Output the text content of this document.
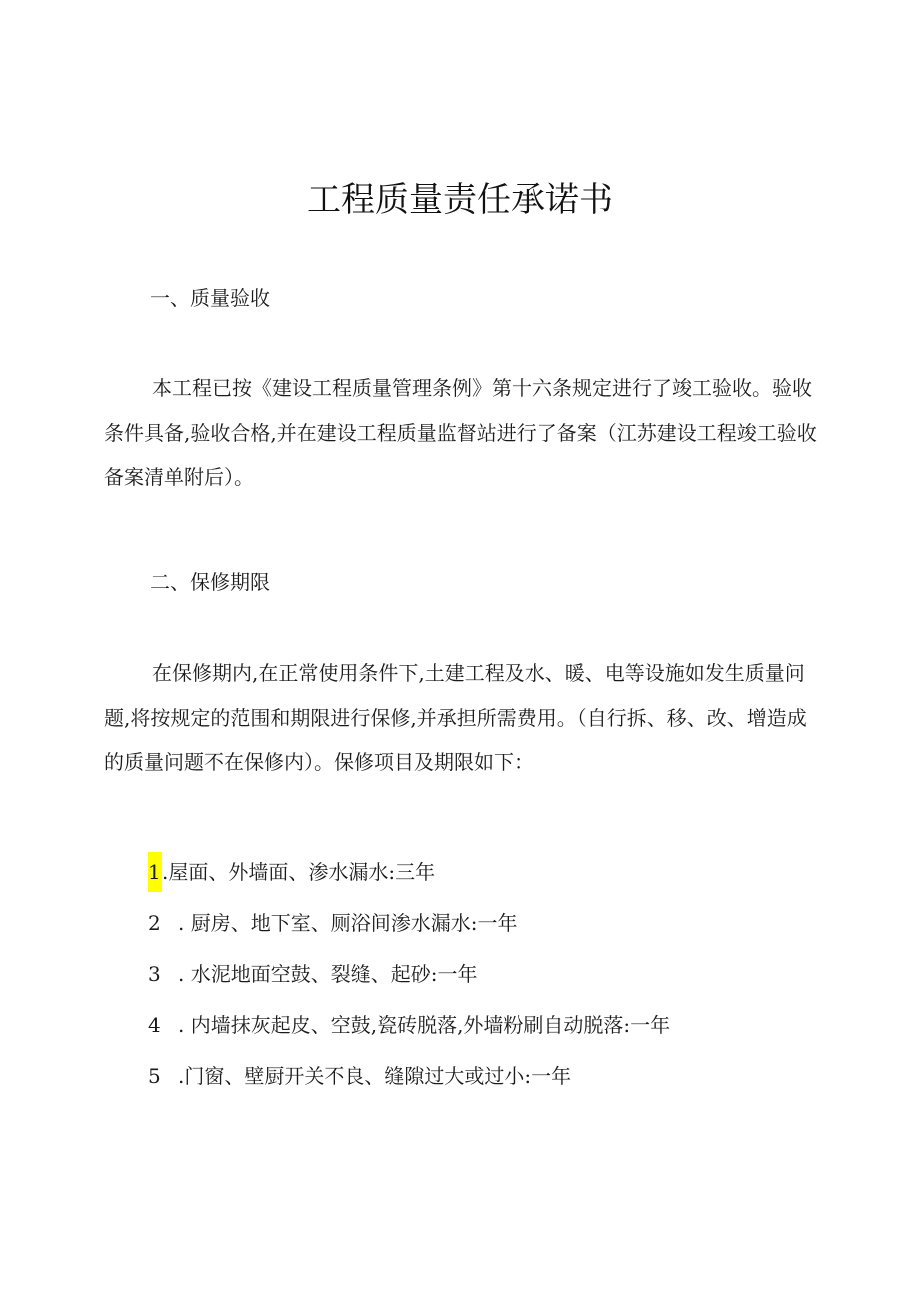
工程质量责任承诺书
一、质量验收
本工程已按《建设工程质量管理条例》第十六条规定进行了竣工验收。验收条件具备,验收合格,并在建设工程质量监督站进行了备案（江苏建设工程竣工验收备案清单附后）。
二、保修期限
在保修期内,在正常使用条件下,土建工程及水、暖、电等设施如发生质量问题,将按规定的范围和期限进行保修,并承担所需费用。（自行拆、移、改、增造成的质量问题不在保修内）。保修项目及期限如下：
1.屋面、外墙面、渗水漏水:三年
2 . 厨房、地下室、厕浴间渗水漏水:一年
3 . 水泥地面空鼓、裂缝、起砂:一年
4 . 内墙抹灰起皮、空鼓,瓷砖脱落,外墙粉刷自动脱落:一年
5 .门窗、壁厨开关不良、缝隙过大或过小:一年
